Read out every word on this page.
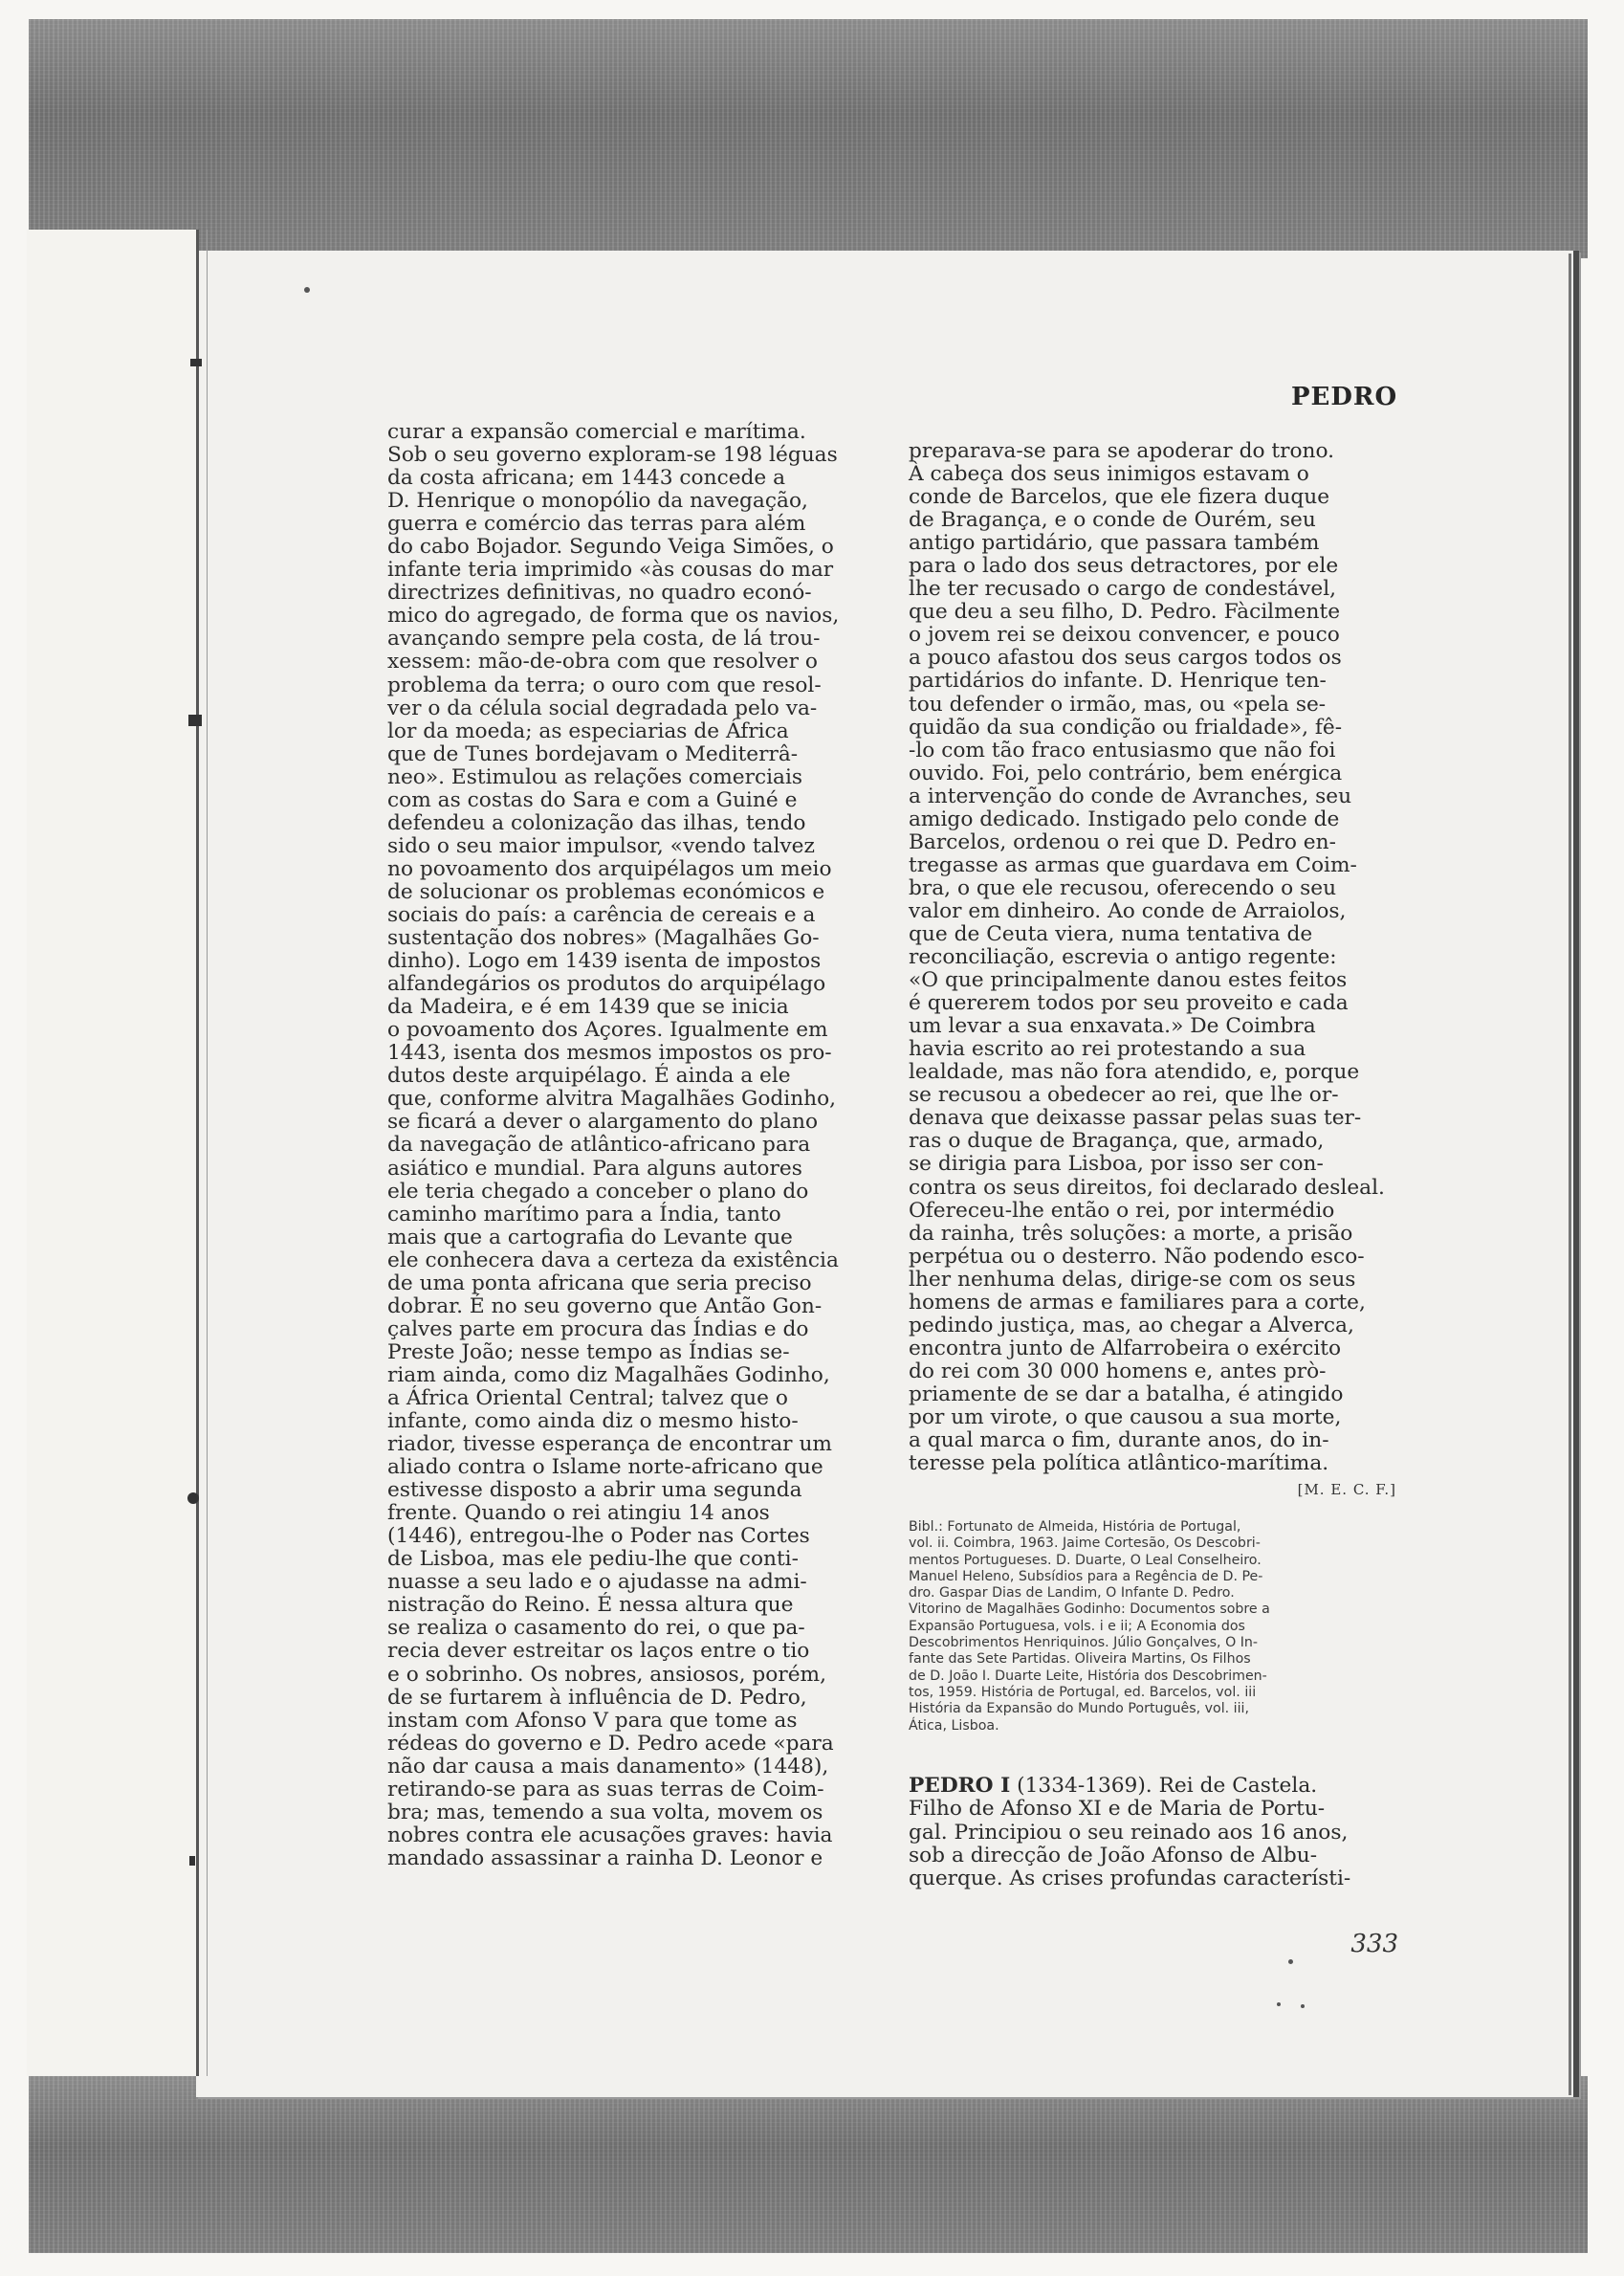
PEDRO
curar a expansão comercial e marítima.
Sob o seu governo exploram-se 198 léguas
da costa africana; em 1443 concede a
D. Henrique o monopólio da navegação,
guerra e comércio das terras para além
do cabo Bojador. Segundo Veiga Simões, o
infante teria imprimido «às cousas do mar
directrizes definitivas, no quadro econó-
mico do agregado, de forma que os navios,
avançando sempre pela costa, de lá trou-
xessem: mão-de-obra com que resolver o
problema da terra; o ouro com que resol-
ver o da célula social degradada pelo va-
lor da moeda; as especiarias de África
que de Tunes bordejavam o Mediterrâ-
neo». Estimulou as relações comerciais
com as costas do Sara e com a Guiné e
defendeu a colonização das ilhas, tendo
sido o seu maior impulsor, «vendo talvez
no povoamento dos arquipélagos um meio
de solucionar os problemas económicos e
sociais do país: a carência de cereais e a
sustentação dos nobres» (Magalhães Go-
dinho). Logo em 1439 isenta de impostos
alfandegários os produtos do arquipélago
da Madeira, e é em 1439 que se inicia
o povoamento dos Açores. Igualmente em
1443, isenta dos mesmos impostos os pro-
dutos deste arquipélago. É ainda a ele
que, conforme alvitra Magalhães Godinho,
se ficará a dever o alargamento do plano
da navegação de atlântico-africano para
asiático e mundial. Para alguns autores
ele teria chegado a conceber o plano do
caminho marítimo para a Índia, tanto
mais que a cartografia do Levante que
ele conhecera dava a certeza da existência
de uma ponta africana que seria preciso
dobrar. É no seu governo que Antão Gon-
çalves parte em procura das Índias e do
Preste João; nesse tempo as Índias se-
riam ainda, como diz Magalhães Godinho,
a África Oriental Central; talvez que o
infante, como ainda diz o mesmo histo-
riador, tivesse esperança de encontrar um
aliado contra o Islame norte-africano que
estivesse disposto a abrir uma segunda
frente. Quando o rei atingiu 14 anos
(1446), entregou-lhe o Poder nas Cortes
de Lisboa, mas ele pediu-lhe que conti-
nuasse a seu lado e o ajudasse na admi-
nistração do Reino. É nessa altura que
se realiza o casamento do rei, o que pa-
recia dever estreitar os laços entre o tio
e o sobrinho. Os nobres, ansiosos, porém,
de se furtarem à influência de D. Pedro,
instam com Afonso V para que tome as
rédeas do governo e D. Pedro acede «para
não dar causa a mais danamento» (1448),
retirando-se para as suas terras de Coim-
bra; mas, temendo a sua volta, movem os
nobres contra ele acusações graves: havia
mandado assassinar a rainha D. Leonor e
preparava-se para se apoderar do trono.
À cabeça dos seus inimigos estavam o
conde de Barcelos, que ele fizera duque
de Bragança, e o conde de Ourém, seu
antigo partidário, que passara também
para o lado dos seus detractores, por ele
lhe ter recusado o cargo de condestável,
que deu a seu filho, D. Pedro. Fàcilmente
o jovem rei se deixou convencer, e pouco
a pouco afastou dos seus cargos todos os
partidários do infante. D. Henrique ten-
tou defender o irmão, mas, ou «pela se-
quidão da sua condição ou frialdade», fê-
-lo com tão fraco entusiasmo que não foi
ouvido. Foi, pelo contrário, bem enérgica
a intervenção do conde de Avranches, seu
amigo dedicado. Instigado pelo conde de
Barcelos, ordenou o rei que D. Pedro en-
tregasse as armas que guardava em Coim-
bra, o que ele recusou, oferecendo o seu
valor em dinheiro. Ao conde de Arraiolos,
que de Ceuta viera, numa tentativa de
reconciliação, escrevia o antigo regente:
«O que principalmente danou estes feitos
é quererem todos por seu proveito e cada
um levar a sua enxavata.» De Coimbra
havia escrito ao rei protestando a sua
lealdade, mas não fora atendido, e, porque
se recusou a obedecer ao rei, que lhe or-
denava que deixasse passar pelas suas ter-
ras o duque de Bragança, que, armado,
se dirigia para Lisboa, por isso ser con-
contra os seus direitos, foi declarado desleal.
Ofereceu-lhe então o rei, por intermédio
da rainha, três soluções: a morte, a prisão
perpétua ou o desterro. Não podendo esco-
lher nenhuma delas, dirige-se com os seus
homens de armas e familiares para a corte,
pedindo justiça, mas, ao chegar a Alverca,
encontra junto de Alfarrobeira o exército
do rei com 30 000 homens e, antes prò-
priamente de se dar a batalha, é atingido
por um virote, o que causou a sua morte,
a qual marca o fim, durante anos, do in-
teresse pela política atlântico-marítima.
[M. E. C. F.]
Bibl.: Fortunato de Almeida, História de Portugal,
vol. ii. Coimbra, 1963. Jaime Cortesão, Os Descobri-
mentos Portugueses. D. Duarte, O Leal Conselheiro.
Manuel Heleno, Subsídios para a Regência de D. Pe-
dro. Gaspar Dias de Landim, O Infante D. Pedro.
Vitorino de Magalhães Godinho: Documentos sobre a
Expansão Portuguesa, vols. i e ii; A Economia dos
Descobrimentos Henriquinos. Júlio Gonçalves, O In-
fante das Sete Partidas. Oliveira Martins, Os Filhos
de D. João I. Duarte Leite, História dos Descobrimen-
tos, 1959. História de Portugal, ed. Barcelos, vol. iii
História da Expansão do Mundo Português, vol. iii,
Ática, Lisboa.
PEDRO I (1334-1369). Rei de Castela.
Filho de Afonso XI e de Maria de Portu-
gal. Principiou o seu reinado aos 16 anos,
sob a direcção de João Afonso de Albu-
querque. As crises profundas característi-
333
